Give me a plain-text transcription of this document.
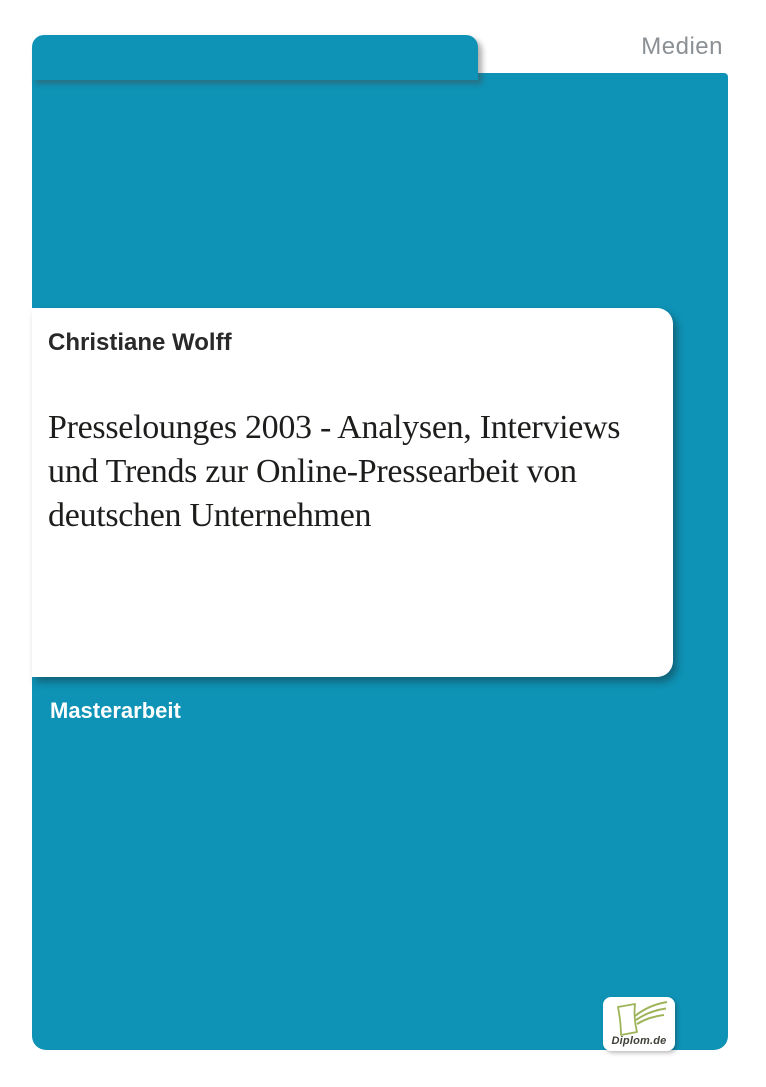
Medien
Christiane Wolff
Presselounges 2003 - Analysen, Interviews
und Trends zur Online-Pressearbeit von
deutschen Unternehmen
Masterarbeit
Diplom.de
